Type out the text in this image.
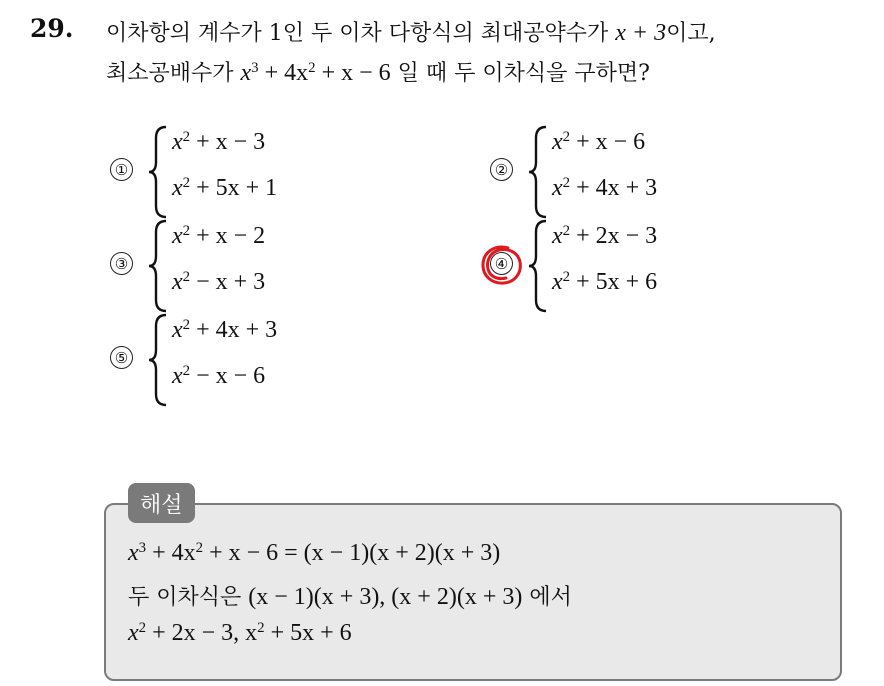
29. 이차항의 계수가 1인 두 이차 다항식의 최대공약수가 x + 3이고,
최소공배수가 $x^3 + 4x^2 + x - 6$ 일 때 두 이차식을 구하면?
①
$x^2 + x - 3$
$x^2 + 5x + 1$
②
$x^2 + x - 6$
$x^2 + 4x + 3$
③
$x^2 + x - 2$
$x^2 - x + 3$
④
$x^2 + 2x - 3$
$x^2 + 5x + 6$
⑤
$x^2 + 4x + 3$
$x^2 - x - 6$
해설
$x^3 + 4x^2 + x - 6 = (x - 1)(x + 2)(x + 3)$
두 이차식은 (x − 1)(x + 3), (x + 2)(x + 3) 에서
$x^2 + 2x - 3$, $x^2 + 5x + 6$
